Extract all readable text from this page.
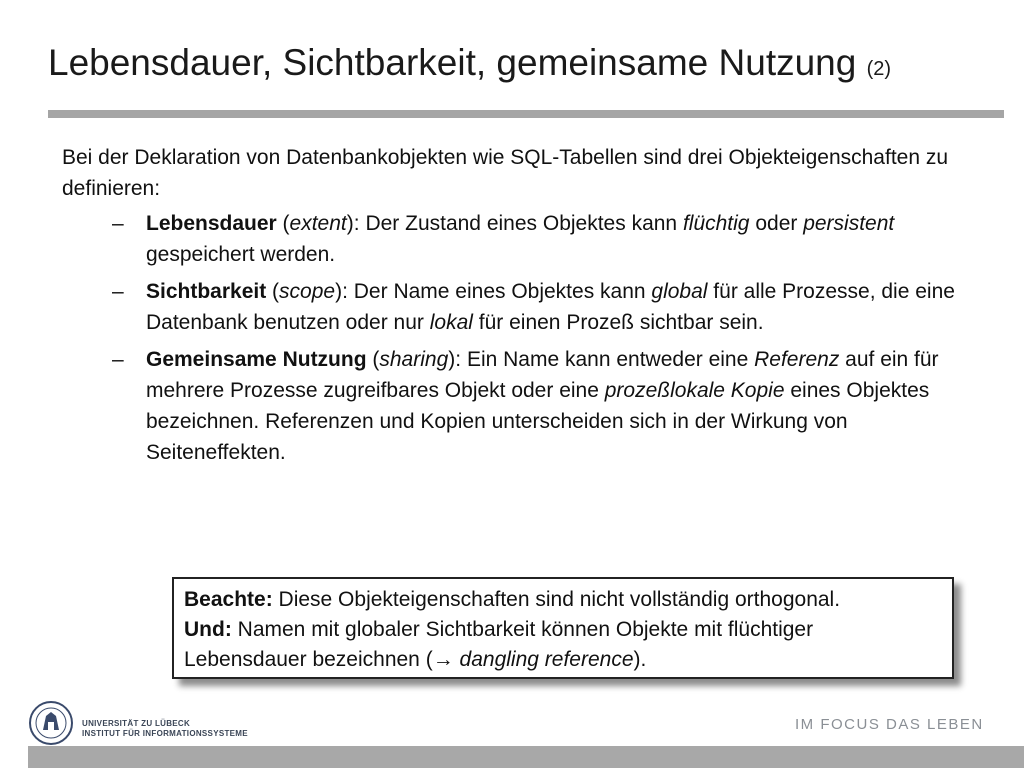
Lebensdauer, Sichtbarkeit, gemeinsame Nutzung (2)

Bei der Deklaration von Datenbankobjekten wie SQL-Tabellen sind drei Objekteigenschaften zu definieren:

– Lebensdauer (extent): Der Zustand eines Objektes kann flüchtig oder persistent gespeichert werden.
– Sichtbarkeit (scope): Der Name eines Objektes kann global für alle Prozesse, die eine Datenbank benutzen oder nur lokal für einen Prozeß sichtbar sein.
– Gemeinsame Nutzung (sharing): Ein Name kann entweder eine Referenz auf ein für mehrere Prozesse zugreifbares Objekt oder eine prozeßlokale Kopie eines Objektes bezeichnen. Referenzen und Kopien unterscheiden sich in der Wirkung von Seiteneffekten.
Beachte: Diese Objekteigenschaften sind nicht vollständig orthogonal.
Und: Namen mit globaler Sichtbarkeit können Objekte mit flüchtiger
Lebensdauer bezeichnen (→ dangling reference).
UNIVERSITÄT ZU LÜBECK
INSTITUT FÜR INFORMATIONSSYSTEME
IM FOCUS DAS LEBEN
